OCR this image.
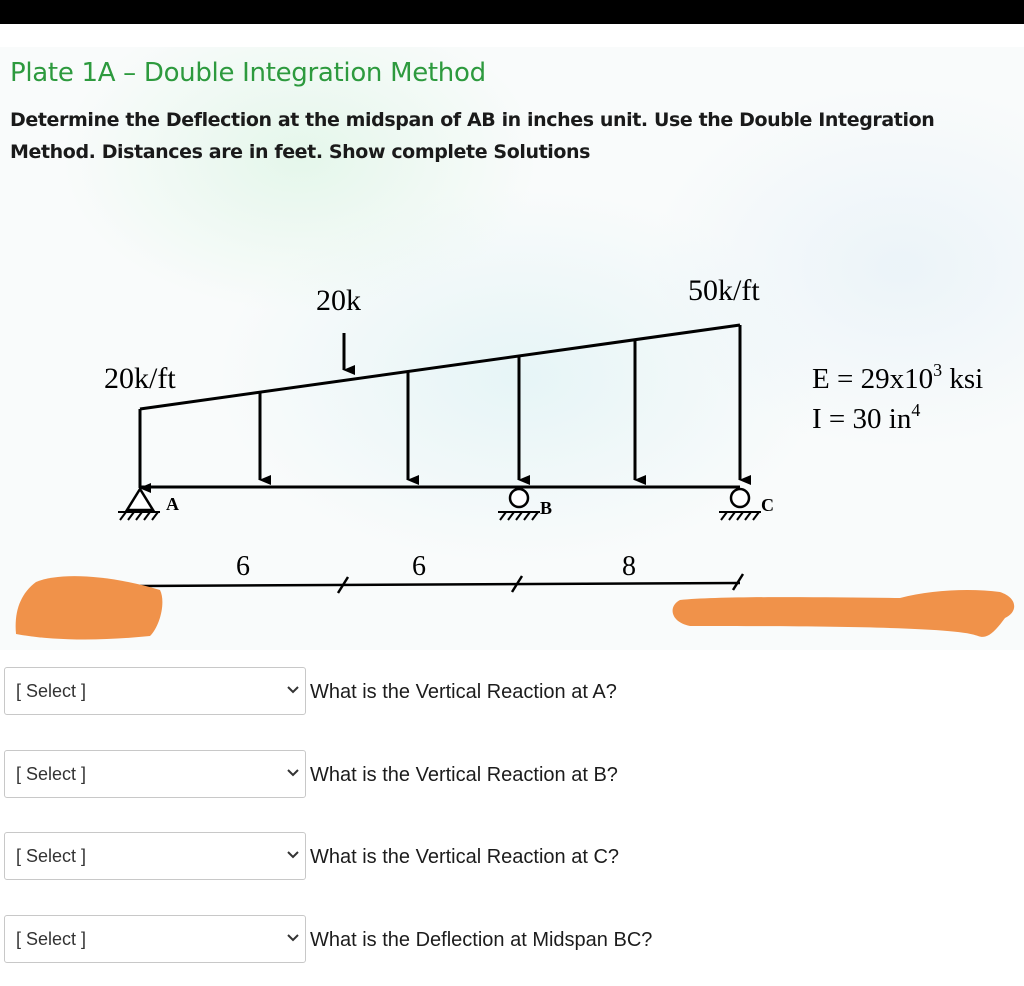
Plate 1A – Double Integration Method
Determine the Deflection at the midspan of AB in inches unit. Use the Double Integration Method. Distances are in feet. Show complete Solutions
20k/ft
50k/ft
20k
A	B	C
6	6	8
$E = 29x10^3$ ksi
I = 30 $in^4$
[ Select ]	What is the Vertical Reaction at A?
[ Select ]	What is the Vertical Reaction at B?
[ Select ]	What is the Vertical Reaction at C?
[ Select ]	What is the Deflection at Midspan BC?
